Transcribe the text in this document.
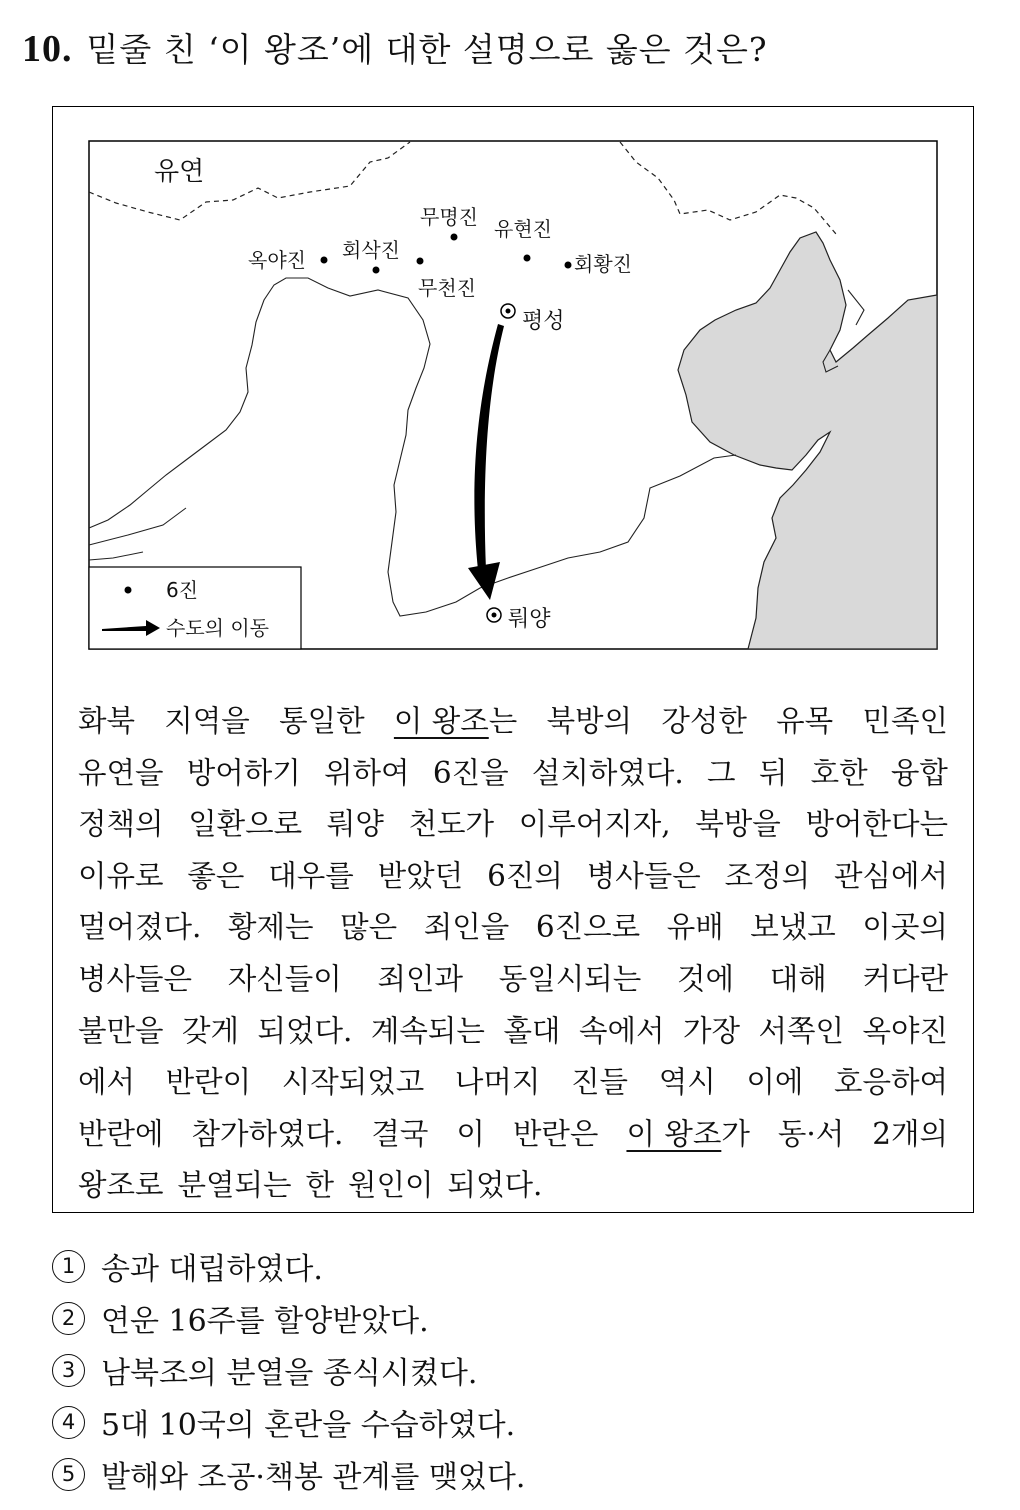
10. 밑줄 친 ‘이 왕조’에 대한 설명으로 옳은 것은?
유연
무명진 유현진
옥야진 회삭진
회황진
무천진
평성
뤄양
6진
수도의 이동
화북 지역을 통일한 이 왕조는 북방의 강성한 유목 민족인
유연을 방어하기 위하여 6진을 설치하였다. 그 뒤 호한 융합
정책의 일환으로 뤄양 천도가 이루어지자, 북방을 방어한다는
이유로 좋은 대우를 받았던 6진의 병사들은 조정의 관심에서
멀어졌다. 황제는 많은 죄인을 6진으로 유배 보냈고 이곳의
병사들은 자신들이 죄인과 동일시되는 것에 대해 커다란
불만을 갖게 되었다. 계속되는 홀대 속에서 가장 서쪽인 옥야진
에서 반란이 시작되었고 나머지 진들 역시 이에 호응하여
반란에 참가하였다. 결국 이 반란은 이 왕조가 동·서 2개의
왕조로 분열되는 한 원인이 되었다.
1 송과 대립하였다.
2 연운 16주를 할양받았다.
3 남북조의 분열을 종식시켰다.
4 5대 10국의 혼란을 수습하였다.
5 발해와 조공·책봉 관계를 맺었다.
